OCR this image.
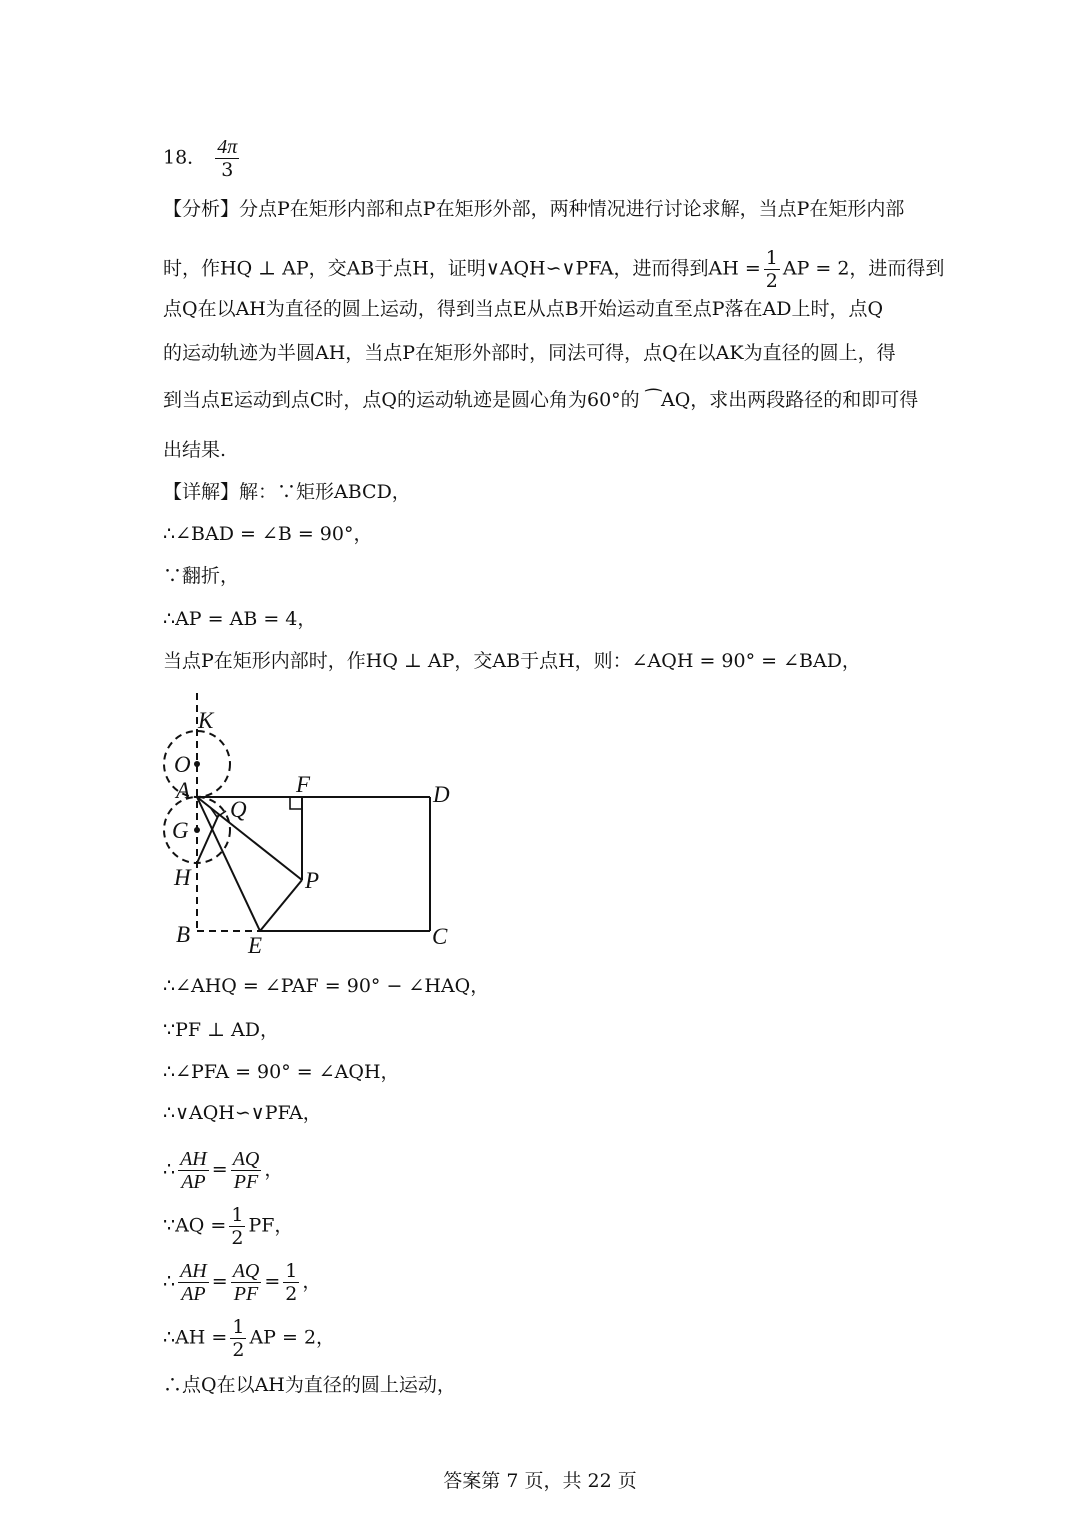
18． $\frac{4\pi}{3}$
【分析】分点P在矩形内部和点P在矩形外部，两种情况进行讨论求解，当点P在矩形内部
时，作HQ ⊥ AP，交AB于点H，证明∨AQH∽∨PFA，进而得到AH = $\frac{1}{2}$ AP = 2，进而得到
点Q在以AH为直径的圆上运动，得到当点E从点B开始运动直至点P落在AD上时，点Q
的运动轨迹为半圆AH，当点P在矩形外部时，同法可得，点Q在以AK为直径的圆上，得
到当点E运动到点C时，点Q的运动轨迹是圆心角为60°的 ⁀AQ，求出两段路径的和即可得
出结果.
【详解】解：∵矩形ABCD，
∴∠BAD = ∠B = 90°，
∵翻折，
∴AP = AB = 4，
当点P在矩形内部时，作HQ ⊥ AP，交AB于点H，则：∠AQH = 90° = ∠BAD，
K
O
A	F	D
Q
G
H	P
B	E	C
∴∠AHQ = ∠PAF = 90° − ∠HAQ，
∵PF ⊥ AD，
∴∠PFA = 90° = ∠AQH，
∴∨AQH∽∨PFA，
∴ $\frac{AH}{AP} = \frac{AQ}{PF}$ ，
∵AQ = $\frac{1}{2}$ PF，
∴ $\frac{AH}{AP} = \frac{AQ}{PF} = \frac{1}{2}$ ，
∴AH = $\frac{1}{2}$ AP = 2，
∴点Q在以AH为直径的圆上运动，
答案第 7 页，共 22 页
